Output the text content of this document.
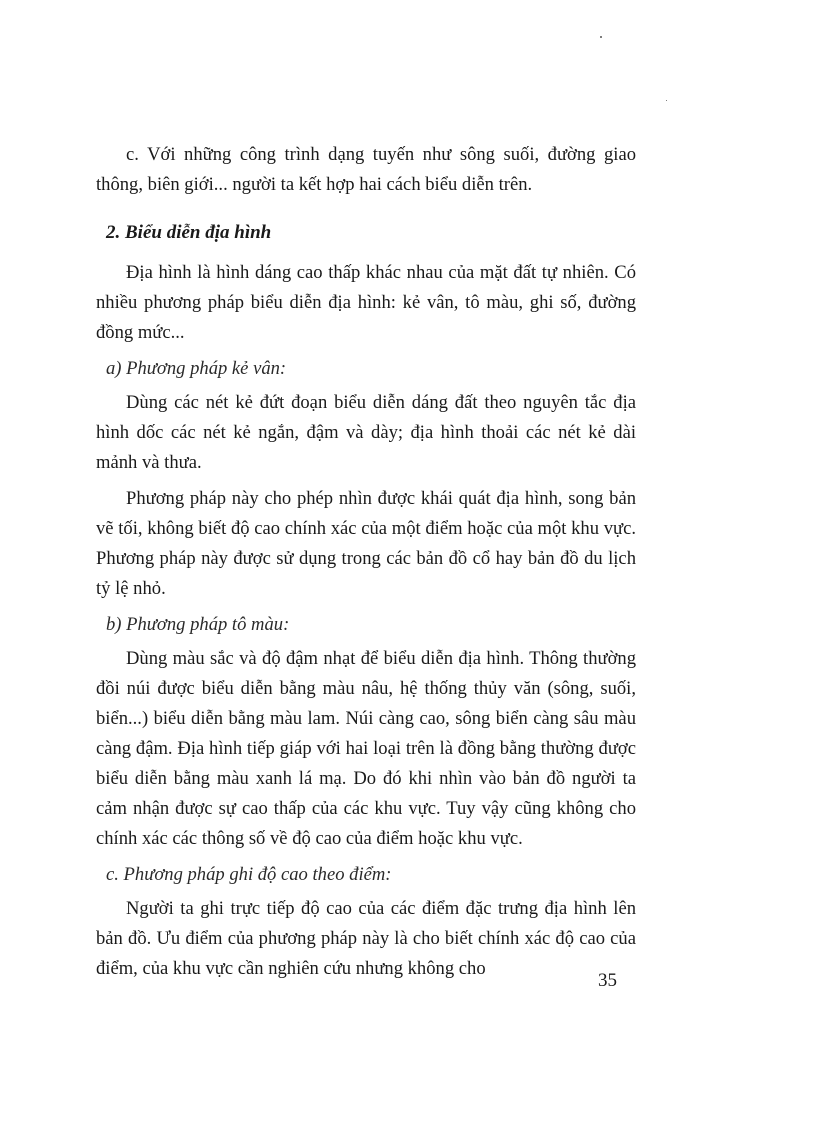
c. Với những công trình dạng tuyến như sông suối, đường giao thông, biên giới... người ta kết hợp hai cách biểu diễn trên.

2. Biểu diễn địa hình

Địa hình là hình dáng cao thấp khác nhau của mặt đất tự nhiên. Có nhiều phương pháp biểu diễn địa hình: kẻ vân, tô màu, ghi số, đường đồng mức...

a) Phương pháp kẻ vân:

Dùng các nét kẻ đứt đoạn biểu diễn dáng đất theo nguyên tắc địa hình dốc các nét kẻ ngắn, đậm và dày; địa hình thoải các nét kẻ dài mảnh và thưa.

Phương pháp này cho phép nhìn được khái quát địa hình, song bản vẽ tối, không biết độ cao chính xác của một điểm hoặc của một khu vực. Phương pháp này được sử dụng trong các bản đồ cổ hay bản đồ du lịch tỷ lệ nhỏ.

b) Phương pháp tô màu:

Dùng màu sắc và độ đậm nhạt để biểu diễn địa hình. Thông thường đồi núi được biểu diễn bằng màu nâu, hệ thống thủy văn (sông, suối, biển...) biểu diễn bằng màu lam. Núi càng cao, sông biển càng sâu màu càng đậm. Địa hình tiếp giáp với hai loại trên là đồng bằng thường được biểu diễn bằng màu xanh lá mạ. Do đó khi nhìn vào bản đồ người ta cảm nhận được sự cao thấp của các khu vực. Tuy vậy cũng không cho chính xác các thông số về độ cao của điểm hoặc khu vực.

c. Phương pháp ghi độ cao theo điểm:

Người ta ghi trực tiếp độ cao của các điểm đặc trưng địa hình lên bản đồ. Ưu điểm của phương pháp này là cho biết chính xác độ cao của điểm, của khu vực cần nghiên cứu nhưng không cho

35
